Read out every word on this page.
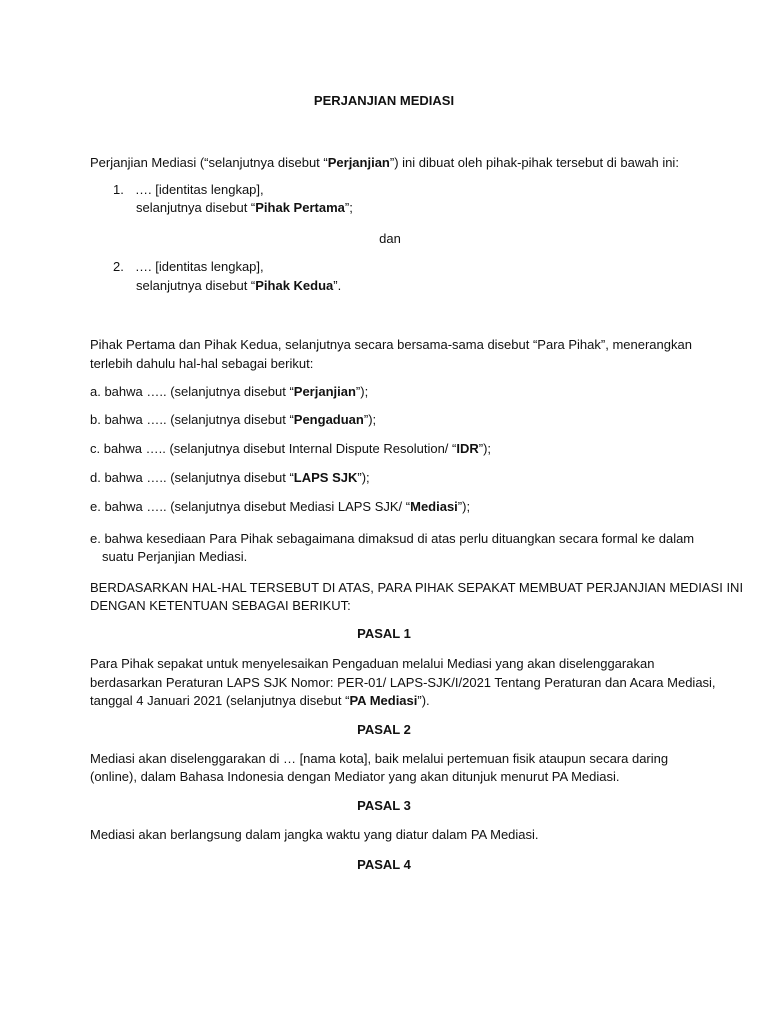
PERJANJIAN MEDIASI
Perjanjian Mediasi (“selanjutnya disebut “Perjanjian”) ini dibuat oleh pihak-pihak tersebut di bawah ini:
1. …. [identitas lengkap],
selanjutnya disebut “Pihak Pertama”;
dan
2. …. [identitas lengkap],
selanjutnya disebut “Pihak Kedua”.
Pihak Pertama dan Pihak Kedua, selanjutnya secara bersama-sama disebut “Para Pihak”, menerangkan
terlebih dahulu hal-hal sebagai berikut:
a. bahwa ….. (selanjutnya disebut “Perjanjian”);
b. bahwa ….. (selanjutnya disebut “Pengaduan”);
c. bahwa ….. (selanjutnya disebut Internal Dispute Resolution/ “IDR”);
d. bahwa ….. (selanjutnya disebut “LAPS SJK”);
e. bahwa ….. (selanjutnya disebut Mediasi LAPS SJK/ “Mediasi”);
e. bahwa kesediaan Para Pihak sebagaimana dimaksud di atas perlu dituangkan secara formal ke dalam
suatu Perjanjian Mediasi.
BERDASARKAN HAL-HAL TERSEBUT DI ATAS, PARA PIHAK SEPAKAT MEMBUAT PERJANJIAN MEDIASI INI
DENGAN KETENTUAN SEBAGAI BERIKUT:
PASAL 1
Para Pihak sepakat untuk menyelesaikan Pengaduan melalui Mediasi yang akan diselenggarakan
berdasarkan Peraturan LAPS SJK Nomor: PER-01/ LAPS-SJK/I/2021 Tentang Peraturan dan Acara Mediasi,
tanggal 4 Januari 2021 (selanjutnya disebut “PA Mediasi”).
PASAL 2
Mediasi akan diselenggarakan di … [nama kota], baik melalui pertemuan fisik ataupun secara daring
(online), dalam Bahasa Indonesia dengan Mediator yang akan ditunjuk menurut PA Mediasi.
PASAL 3
Mediasi akan berlangsung dalam jangka waktu yang diatur dalam PA Mediasi.
PASAL 4
